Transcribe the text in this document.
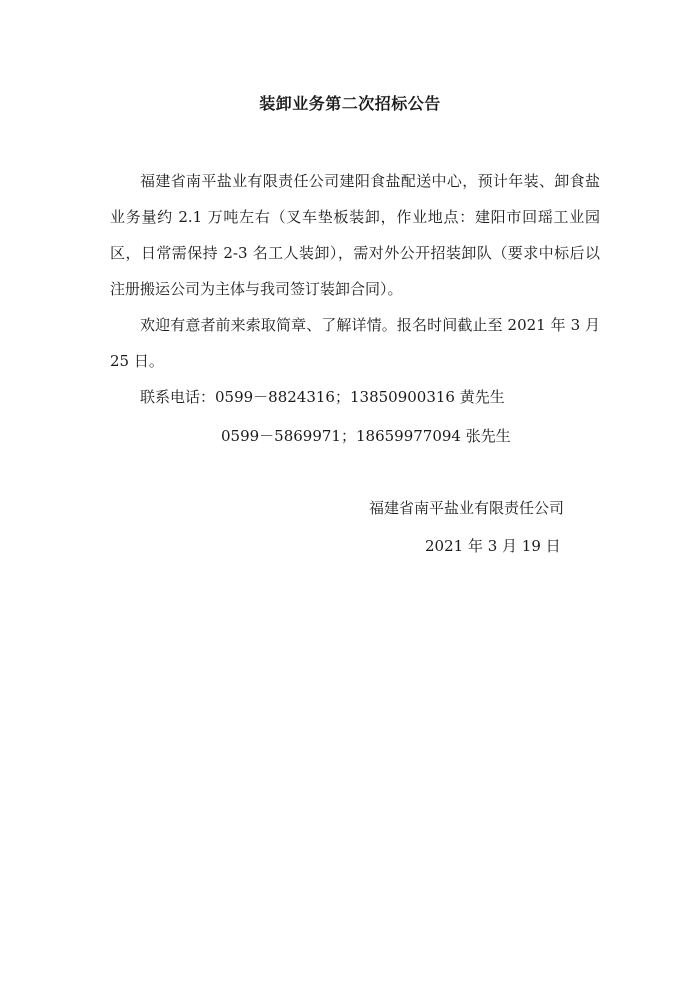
装卸业务第二次招标公告

福建省南平盐业有限责任公司建阳食盐配送中心，预计年装、卸食盐业务量约 2.1 万吨左右（叉车垫板装卸，作业地点：建阳市回瑶工业园区，日常需保持 2-3 名工人装卸），需对外公开招装卸队（要求中标后以注册搬运公司为主体与我司签订装卸合同）。

欢迎有意者前来索取简章、了解详情。报名时间截止至 2021 年 3 月 25 日。

联系电话：0599－8824316；13850900316 黄先生
0599－5869971；18659977094 张先生
福建省南平盐业有限责任公司
2021 年 3 月 19 日
